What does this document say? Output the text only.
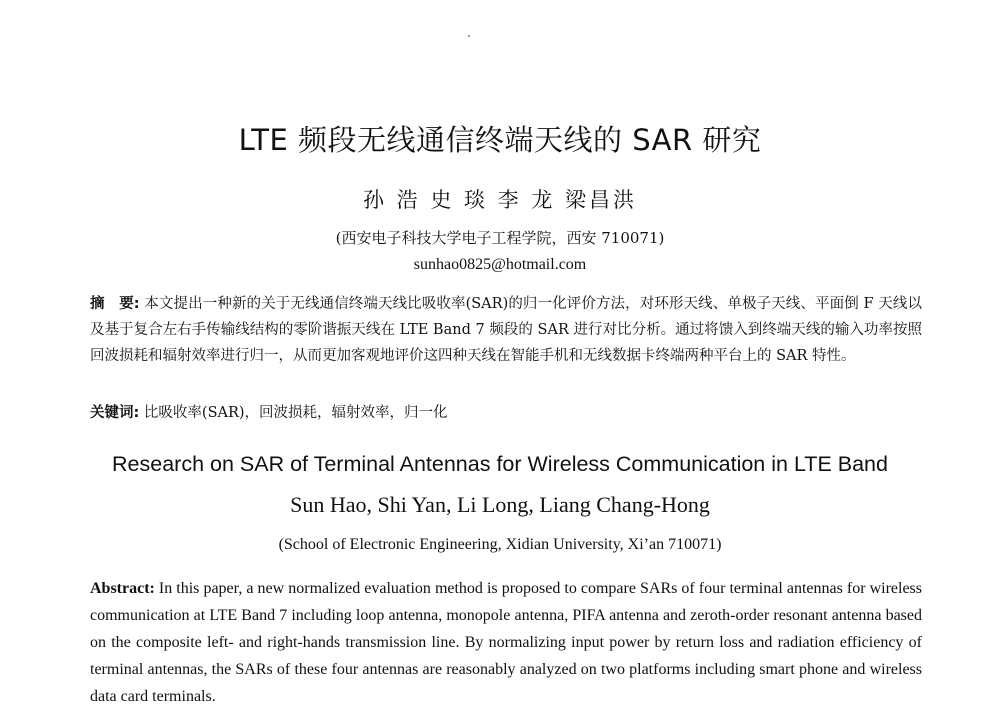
LTE 频段无线通信终端天线的 SAR 研究
孙 浩 史 琰 李 龙 梁昌洪
(西安电子科技大学电子工程学院，西安 710071)
sunhao0825@hotmail.com
摘　要: 本文提出一种新的关于无线通信终端天线比吸收率(SAR)的归一化评价方法，对环形天线、单极子天线、平面倒 F 天线以及基于复合左右手传输线结构的零阶谐振天线在 LTE Band 7 频段的 SAR 进行对比分析。通过将馈入到终端天线的输入功率按照回波损耗和辐射效率进行归一，从而更加客观地评价这四种天线在智能手机和无线数据卡终端两种平台上的 SAR 特性。
关键词: 比吸收率(SAR)，回波损耗，辐射效率，归一化
Research on SAR of Terminal Antennas for Wireless Communication in LTE Band
Sun Hao, Shi Yan, Li Long, Liang Chang-Hong
(School of Electronic Engineering, Xidian University, Xi’an 710071)
Abstract: In this paper, a new normalized evaluation method is proposed to compare SARs of four terminal antennas for wireless communication at LTE Band 7 including loop antenna, monopole antenna, PIFA antenna and zeroth-order resonant antenna based on the composite left- and right-hands transmission line. By normalizing input power by return loss and radiation efficiency of terminal antennas, the SARs of these four antennas are reasonably analyzed on two platforms including smart phone and wireless data card terminals.
